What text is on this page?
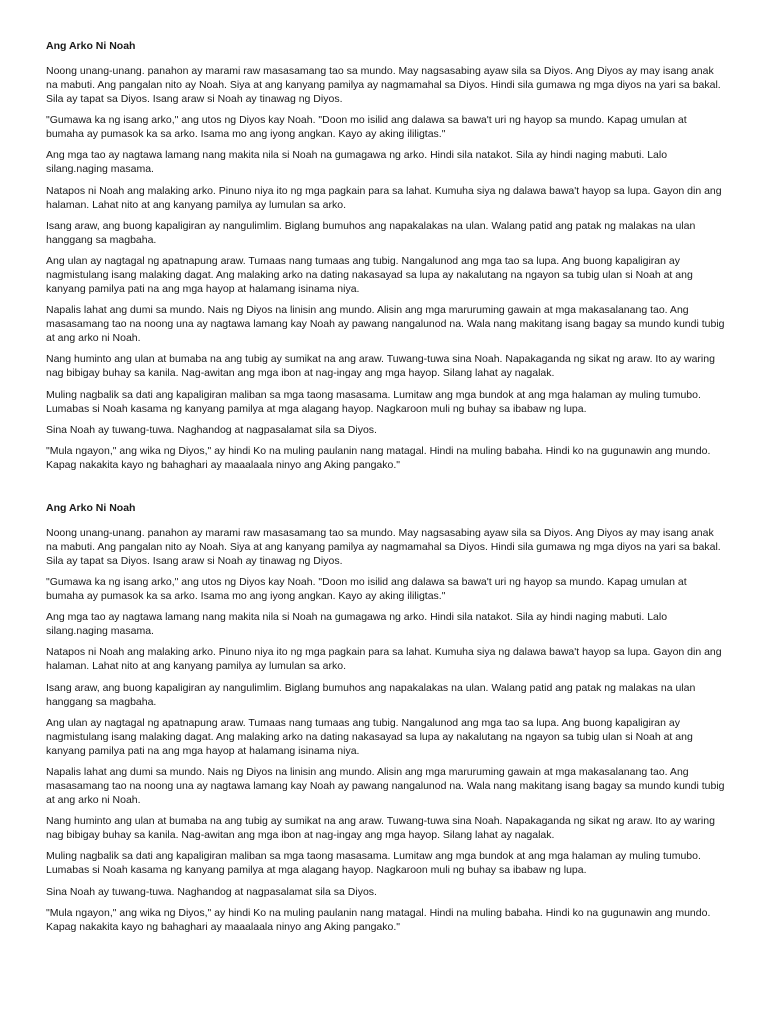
Ang Arko Ni Noah

Noong unang-unang. panahon ay marami raw masasamang tao sa mundo. May nagsasabing ayaw sila sa Diyos. Ang Diyos ay may isang anak na mabuti. Ang pangalan nito ay Noah. Siya at ang kanyang pamilya ay nagmamahal sa Diyos. Hindi sila gumawa ng mga diyos na yari sa bakal. Sila ay tapat sa Diyos. Isang araw si Noah ay tinawag ng Diyos.

"Gumawa ka ng isang arko," ang utos ng Diyos kay Noah. "Doon mo isilid ang dalawa sa bawa't uri ng hayop sa mundo. Kapag umulan at bumaha ay pumasok ka sa arko. Isama mo ang iyong angkan. Kayo ay aking ililigtas."

Ang mga tao ay nagtawa lamang nang makita nila si Noah na gumagawa ng arko. Hindi sila natakot. Sila ay hindi naging mabuti. Lalo silang.naging masama.

Natapos ni Noah ang malaking arko. Pinuno niya ito ng mga pagkain para sa lahat. Kumuha siya ng dalawa bawa't hayop sa lupa. Gayon din ang halaman. Lahat nito at ang kanyang pamilya ay lumulan sa arko.

Isang araw, ang buong kapaligiran ay nangulimlim. Biglang bumuhos ang napakalakas na ulan. Walang patid ang patak ng malakas na ulan hanggang sa magbaha.

Ang ulan ay nagtagal ng apatnapung araw. Tumaas nang tumaas ang tubig. Nangalunod ang mga tao sa lupa. Ang buong kapaligiran ay nagmistulang isang malaking dagat. Ang malaking arko na dating nakasayad sa lupa ay nakalutang na ngayon sa tubig ulan si Noah at ang kanyang pamilya pati na ang mga hayop at halamang isinama niya.

Napalis lahat ang dumi sa mundo. Nais ng Diyos na linisin ang mundo. Alisin ang mga maruruming gawain at mga makasalanang tao. Ang masasamang tao na noong una ay nagtawa lamang kay Noah ay pawang nangalunod na. Wala nang makitang isang bagay sa mundo kundi tubig at ang arko ni Noah.

Nang huminto ang ulan at bumaba na ang tubig ay sumikat na ang araw. Tuwang-tuwa sina Noah. Napakaganda ng sikat ng araw. Ito ay waring nag bibigay buhay sa kanila. Nag-awitan ang mga ibon at nag-ingay ang mga hayop. Silang lahat ay nagalak.

Muling nagbalik sa dati ang kapaligiran maliban sa mga taong masasama. Lumitaw ang mga bundok at ang mga halaman ay muling tumubo. Lumabas si Noah kasama ng kanyang pamilya at mga alagang hayop. Nagkaroon muli ng buhay sa ibabaw ng lupa.

Sina Noah ay tuwang-tuwa. Naghandog at nagpasalamat sila sa Diyos.

"Mula ngayon," ang wika ng Diyos," ay hindi Ko na muling paulanin nang matagal. Hindi na muling babaha. Hindi ko na gugunawin ang mundo. Kapag nakakita kayo ng bahaghari ay maaalaala ninyo ang Aking pangako."

Ang Arko Ni Noah

Noong unang-unang. panahon ay marami raw masasamang tao sa mundo. May nagsasabing ayaw sila sa Diyos. Ang Diyos ay may isang anak na mabuti. Ang pangalan nito ay Noah. Siya at ang kanyang pamilya ay nagmamahal sa Diyos. Hindi sila gumawa ng mga diyos na yari sa bakal. Sila ay tapat sa Diyos. Isang araw si Noah ay tinawag ng Diyos.

"Gumawa ka ng isang arko," ang utos ng Diyos kay Noah. "Doon mo isilid ang dalawa sa bawa't uri ng hayop sa mundo. Kapag umulan at bumaha ay pumasok ka sa arko. Isama mo ang iyong angkan. Kayo ay aking ililigtas."

Ang mga tao ay nagtawa lamang nang makita nila si Noah na gumagawa ng arko. Hindi sila natakot. Sila ay hindi naging mabuti. Lalo silang.naging masama.

Natapos ni Noah ang malaking arko. Pinuno niya ito ng mga pagkain para sa lahat. Kumuha siya ng dalawa bawa't hayop sa lupa. Gayon din ang halaman. Lahat nito at ang kanyang pamilya ay lumulan sa arko.

Isang araw, ang buong kapaligiran ay nangulimlim. Biglang bumuhos ang napakalakas na ulan. Walang patid ang patak ng malakas na ulan hanggang sa magbaha.

Ang ulan ay nagtagal ng apatnapung araw. Tumaas nang tumaas ang tubig. Nangalunod ang mga tao sa lupa. Ang buong kapaligiran ay nagmistulang isang malaking dagat. Ang malaking arko na dating nakasayad sa lupa ay nakalutang na ngayon sa tubig ulan si Noah at ang kanyang pamilya pati na ang mga hayop at halamang isinama niya.

Napalis lahat ang dumi sa mundo. Nais ng Diyos na linisin ang mundo. Alisin ang mga maruruming gawain at mga makasalanang tao. Ang masasamang tao na noong una ay nagtawa lamang kay Noah ay pawang nangalunod na. Wala nang makitang isang bagay sa mundo kundi tubig at ang arko ni Noah.

Nang huminto ang ulan at bumaba na ang tubig ay sumikat na ang araw. Tuwang-tuwa sina Noah. Napakaganda ng sikat ng araw. Ito ay waring nag bibigay buhay sa kanila. Nag-awitan ang mga ibon at nag-ingay ang mga hayop. Silang lahat ay nagalak.

Muling nagbalik sa dati ang kapaligiran maliban sa mga taong masasama. Lumitaw ang mga bundok at ang mga halaman ay muling tumubo. Lumabas si Noah kasama ng kanyang pamilya at mga alagang hayop. Nagkaroon muli ng buhay sa ibabaw ng lupa.

Sina Noah ay tuwang-tuwa. Naghandog at nagpasalamat sila sa Diyos.

"Mula ngayon," ang wika ng Diyos," ay hindi Ko na muling paulanin nang matagal. Hindi na muling babaha. Hindi ko na gugunawin ang mundo. Kapag nakakita kayo ng bahaghari ay maaalaala ninyo ang Aking pangako."
